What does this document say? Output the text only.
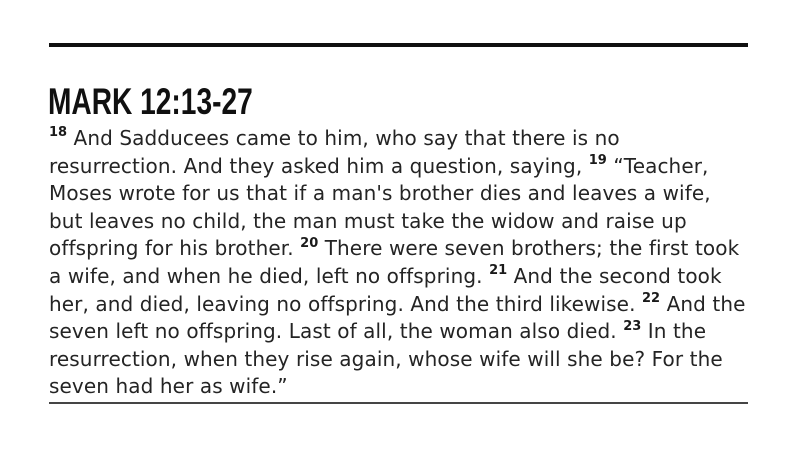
MARK 12:13-27

$^{18}$ And Sadducees came to him, who say that there is no resurrection. And they asked him a question, saying, $^{19}$ “Teacher, Moses wrote for us that if a man's brother dies and leaves a wife, but leaves no child, the man must take the widow and raise up offspring for his brother. $^{20}$ There were seven brothers; the first took a wife, and when he died, left no offspring. $^{21}$ And the second took her, and died, leaving no offspring. And the third likewise. $^{22}$ And the seven left no offspring. Last of all, the woman also died. $^{23}$ In the resurrection, when they rise again, whose wife will she be? For the seven had her as wife.”
